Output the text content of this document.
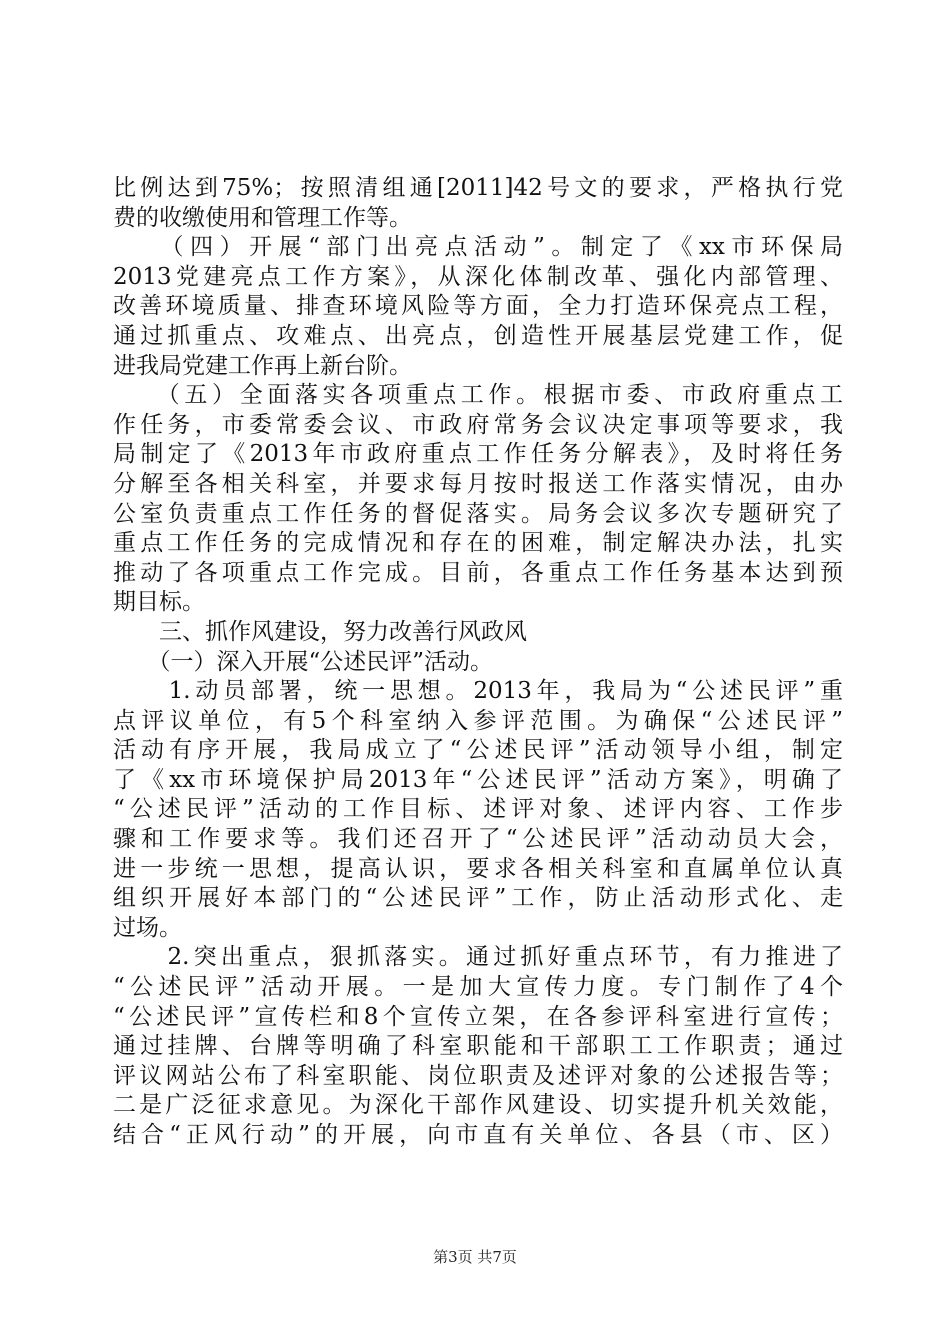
比例达到75%；按照清组通[2011]42号文的要求，严格执行党
费的收缴使用和管理工作等。
　　（四）开展“部门出亮点活动”。制定了《xx市环保局
2013党建亮点工作方案》，从深化体制改革、强化内部管理、
改善环境质量、排查环境风险等方面，全力打造环保亮点工程，
通过抓重点、攻难点、出亮点，创造性开展基层党建工作，促
进我局党建工作再上新台阶。
　　（五）全面落实各项重点工作。根据市委、市政府重点工
作任务，市委常委会议、市政府常务会议决定事项等要求，我
局制定了《2013年市政府重点工作任务分解表》，及时将任务
分解至各相关科室，并要求每月按时报送工作落实情况，由办
公室负责重点工作任务的督促落实。局务会议多次专题研究了
重点工作任务的完成情况和存在的困难，制定解决办法，扎实
推动了各项重点工作完成。目前，各重点工作任务基本达到预
期目标。
　　三、抓作风建设，努力改善行风政风
　　（一）深入开展“公述民评”活动。
　　1.动员部署，统一思想。2013年，我局为“公述民评”重
点评议单位，有5个科室纳入参评范围。为确保“公述民评”
活动有序开展，我局成立了“公述民评”活动领导小组，制定
了《xx市环境保护局2013年“公述民评”活动方案》，明确了
“公述民评”活动的工作目标、述评对象、述评内容、工作步
骤和工作要求等。我们还召开了“公述民评”活动动员大会，
进一步统一思想，提高认识，要求各相关科室和直属单位认真
组织开展好本部门的“公述民评”工作，防止活动形式化、走
过场。
　　2.突出重点，狠抓落实。通过抓好重点环节，有力推进了
“公述民评”活动开展。一是加大宣传力度。专门制作了4个
“公述民评”宣传栏和8个宣传立架，在各参评科室进行宣传；
通过挂牌、台牌等明确了科室职能和干部职工工作职责；通过
评议网站公布了科室职能、岗位职责及述评对象的公述报告等；
二是广泛征求意见。为深化干部作风建设、切实提升机关效能，
结合“正风行动”的开展，向市直有关单位、各县（市、区）
第3页 共7页
